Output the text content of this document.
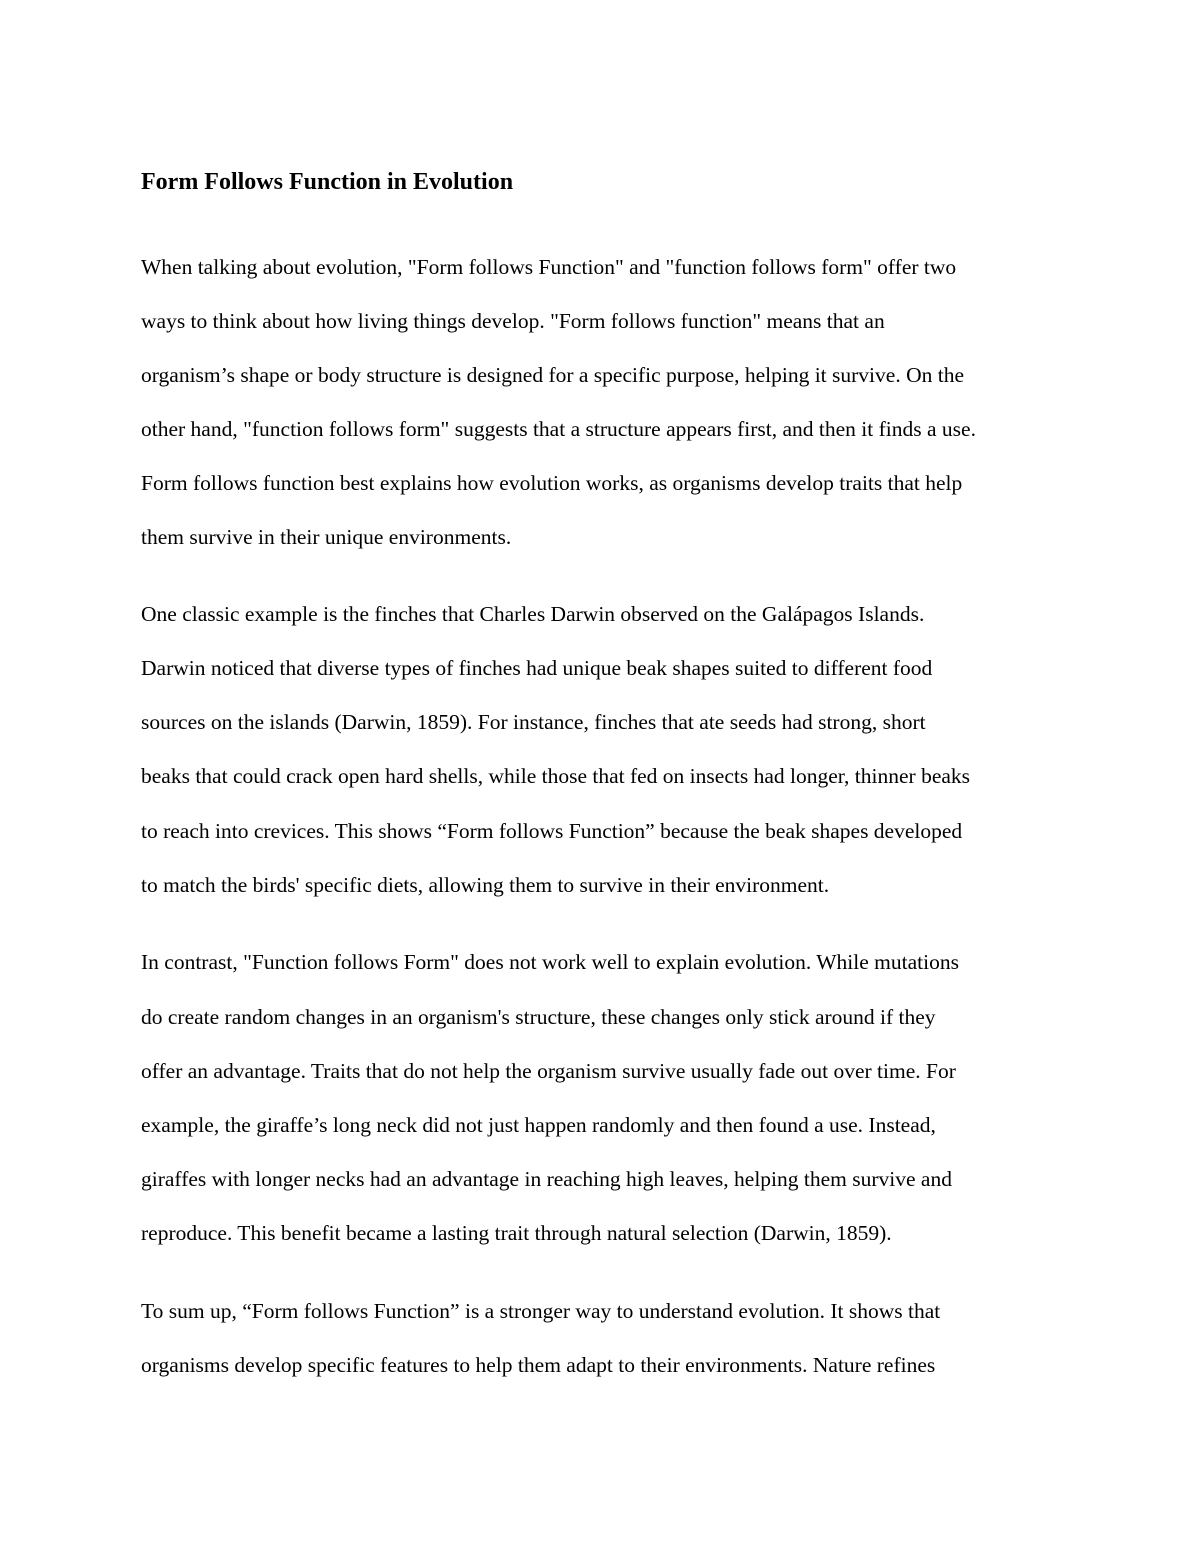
Form Follows Function in Evolution

When talking about evolution, "Form follows Function" and "function follows form" offer two

ways to think about how living things develop. "Form follows function" means that an

organism’s shape or body structure is designed for a specific purpose, helping it survive. On the

other hand, "function follows form" suggests that a structure appears first, and then it finds a use.

Form follows function best explains how evolution works, as organisms develop traits that help

them survive in their unique environments.

One classic example is the finches that Charles Darwin observed on the Galápagos Islands.

Darwin noticed that diverse types of finches had unique beak shapes suited to different food

sources on the islands (Darwin, 1859). For instance, finches that ate seeds had strong, short

beaks that could crack open hard shells, while those that fed on insects had longer, thinner beaks

to reach into crevices. This shows “Form follows Function” because the beak shapes developed

to match the birds' specific diets, allowing them to survive in their environment.

In contrast, "Function follows Form" does not work well to explain evolution. While mutations

do create random changes in an organism's structure, these changes only stick around if they

offer an advantage. Traits that do not help the organism survive usually fade out over time. For

example, the giraffe’s long neck did not just happen randomly and then found a use. Instead,

giraffes with longer necks had an advantage in reaching high leaves, helping them survive and

reproduce. This benefit became a lasting trait through natural selection (Darwin, 1859).

To sum up, “Form follows Function” is a stronger way to understand evolution. It shows that

organisms develop specific features to help them adapt to their environments. Nature refines
